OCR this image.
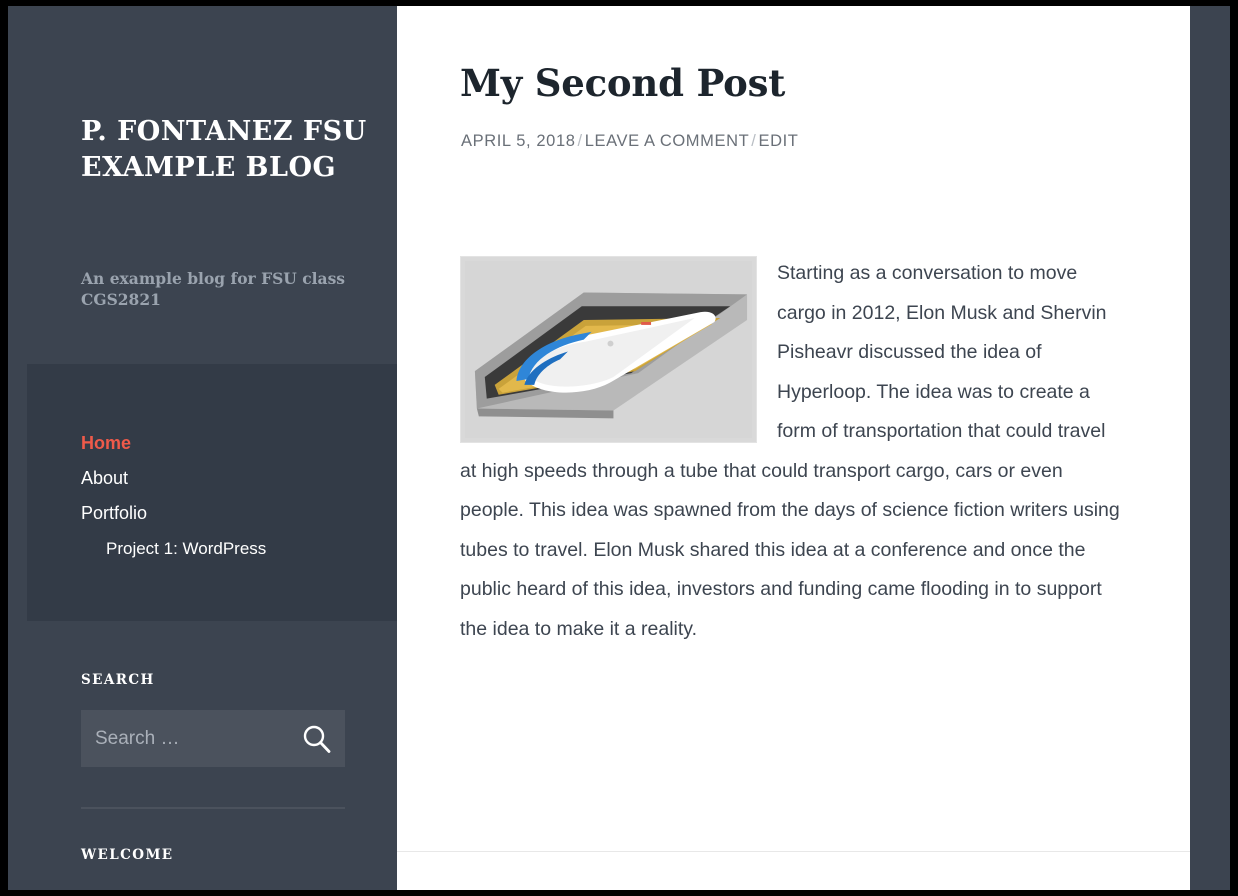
P. FONTANEZ FSU EXAMPLE BLOG
An example blog for FSU class CGS2821
Home
About
Portfolio
Project 1: WordPress
SEARCH
Search …
WELCOME
My Second Post
APRIL 5, 2018 / LEAVE A COMMENT / EDIT
Starting as a conversation to move cargo in 2012, Elon Musk and Shervin Pisheavr discussed the idea of Hyperloop. The idea was to create a form of transportation that could travel at high speeds through a tube that could transport cargo, cars or even people. This idea was spawned from the days of science fiction writers using tubes to travel. Elon Musk shared this idea at a conference and once the public heard of this idea, investors and funding came flooding in to support the idea to make it a reality.
